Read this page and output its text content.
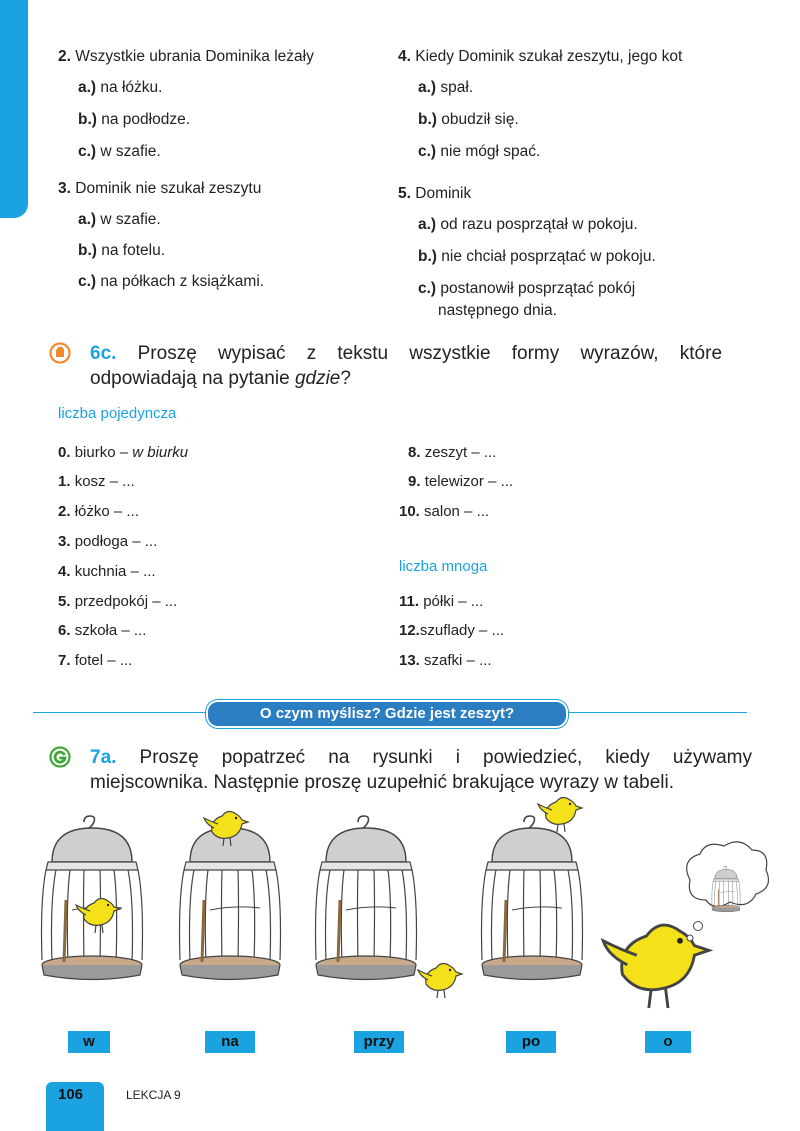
2. Wszystkie ubrania Dominika leżały
a.) na łóżku.
b.) na podłodze.
c.) w szafie.
3. Dominik nie szukał zeszytu
a.) w szafie.
b.) na fotelu.
c.) na półkach z książkami.
4. Kiedy Dominik szukał zeszytu, jego kot
a.) spał.
b.) obudził się.
c.) nie mógł spać.
5. Dominik
a.) od razu posprzątał w pokoju.
b.) nie chciał posprzątać w pokoju.
c.) postanowił posprzątać pokój
następnego dnia.
6c. Proszę wypisać z tekstu wszystkie formy wyrazów, które
odpowiadają na pytanie gdzie?
liczba pojedyncza
0. biurko – w biurku
1. kosz – ...
2. łóżko – ...
3. podłoga – ...
4. kuchnia – ...
5. przedpokój – ...
6. szkoła – ...
7. fotel – ...
8. zeszyt – ...
9. telewizor – ...
10. salon – ...
liczba mnoga
11. półki – ...
12.szuflady – ...
13. szafki – ...
O czym myślisz? Gdzie jest zeszyt?
7a. Proszę popatrzeć na rysunki i powiedzieć, kiedy używamy
miejscownika. Następnie proszę uzupełnić brakujące wyrazy w tabeli.
w	na	przy	po	o
106	LEKCJA 9
